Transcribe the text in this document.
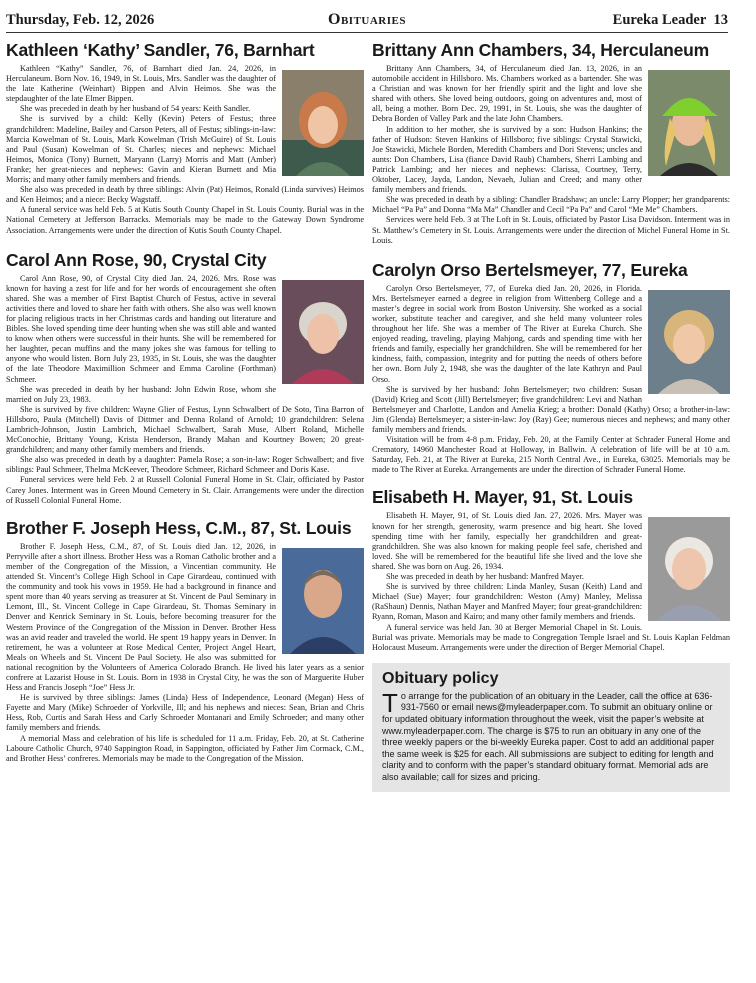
Thursday, Feb. 12, 2026	Obituaries	Eureka Leader 13
Kathleen ‘Kathy’ Sandler, 76, Barnhart

Kathleen “Kathy” Sandler, 76, of Barnhart died Jan. 24, 2026, in Herculaneum. Born Nov. 16, 1949, in St. Louis, Mrs. Sandler was the daughter of the late Katherine (Weinhart) Bippen and Alvin Heimos. She was the stepdaughter of the late Elmer Bippen.

She was preceded in death by her husband of 54 years: Keith Sandler.

She is survived by a child: Kelly (Kevin) Peters of Festus; three grandchildren: Madeline, Bailey and Carson Peters, all of Festus; siblings-in-law: Marcia Kowelman of St. Louis, Mark Kowelman (Trish McGuire) of St. Louis and Paul (Susan) Kowelman of St. Charles; nieces and nephews: Michael Heimos, Monica (Tony) Burnett, Maryann (Larry) Morris and Matt (Amber) Franke; her great-nieces and nephews: Gavin and Kieran Burnett and Mia Morris; and many other family members and friends.

She also was preceded in death by three siblings: Alvin (Pat) Heimos, Ronald (Linda survives) Heimos and Ken Heimos; and a niece: Becky Wagstaff.

A funeral service was held Feb. 5 at Kutis South County Chapel in St. Louis County. Burial was in the National Cemetery at Jefferson Barracks. Memorials may be made to the Gateway Down Syndrome Association. Arrangements were under the direction of Kutis South County Chapel.

Carol Ann Rose, 90, Crystal City

Carol Ann Rose, 90, of Crystal City died Jan. 24, 2026. Mrs. Rose was known for having a zest for life and for her words of encouragement she often shared. She was a member of First Baptist Church of Festus, active in several activities there and loved to share her faith with others. She also was well known for placing religious tracts in her Christmas cards and handing out literature and Bibles. She loved spending time deer hunting when she was still able and wanted to know when others were successful in their hunts. She will be remembered for her laughter, pecan muffins and the many jokes she was famous for telling to anyone who would listen. Born July 23, 1935, in St. Louis, she was the daughter of the late Theodore Maximillion Schmeer and Emma Caroline (Forthman) Schmeer.

She was preceded in death by her husband: John Edwin Rose, whom she married on July 23, 1983.

She is survived by five children: Wayne Glier of Festus, Lynn Schwalbert of De Soto, Tina Barron of Hillsboro, Paula (Mitchell) Davis of Dittmer and Denna Roland of Arnold; 10 grandchildren: Selena Lambrich-Johnson, Justin Lambrich, Michael Schwalbert, Sarah Muse, Albert Roland, Michelle McConochie, Brittany Young, Krista Henderson, Brandy Mahan and Kourtney Bowen; 20 great-grandchildren; and many other family members and friends.

She also was preceded in death by a daughter: Pamela Rose; a son-in-law: Roger Schwalbert; and five siblings: Paul Schmeer, Thelma McKeever, Theodore Schmeer, Richard Schmeer and Doris Kase.

Funeral services were held Feb. 2 at Russell Colonial Funeral Home in St. Clair, officiated by Pastor Carey Jones. Interment was in Green Mound Cemetery in St. Clair. Arrangements were under the direction of Russell Colonial Funeral Home.

Brother F. Joseph Hess, C.M., 87, St. Louis

Brother F. Joseph Hess, C.M., 87, of St. Louis died Jan. 12, 2026, in Perryville after a short illness. Brother Hess was a Roman Catholic brother and a member of the Congregation of the Mission, a Vincentian community. He attended St. Vincent’s College High School in Cape Girardeau, continued with the community and took his vows in 1959. He had a background in finance and spent more than 40 years serving as treasurer at St. Vincent de Paul Seminary in Lemont, Ill., St. Vincent College in Cape Girardeau, St. Thomas Seminary in Denver and Kenrick Seminary in St. Louis, before becoming treasurer for the Western Province of the Congregation of the Mission in Denver. Brother Hess was an avid reader and traveled the world. He spent 19 happy years in Denver. In retirement, he was a volunteer at Rose Medical Center, Project Angel Heart, Meals on Wheels and St. Vincent De Paul Society. He also was submitted for national recognition by the Volunteers of America Colorado Branch. He lived his later years as a senior confrere at Lazarist House in St. Louis. Born in 1938 in Crystal City, he was the son of Marguerite Huber Hess and Francis Joseph “Joe” Hess Jr.

He is survived by three siblings: James (Linda) Hess of Independence, Leonard (Megan) Hess of Fayette and Mary (Mike) Schroeder of Yorkville, Ill; and his nephews and nieces: Sean, Brian and Chris Hess, Rob, Curtis and Sarah Hess and Carly Schroeder Montanari and Emily Schroeder; and many other family members and friends.

A memorial Mass and celebration of his life is scheduled for 11 a.m. Friday, Feb. 20, at St. Catherine Laboure Catholic Church, 9740 Sappington Road, in Sappington, officiated by Father Jim Cormack, C.M., and Brother Hess’ confreres. Memorials may be made to the Congregation of the Mission.

Brittany Ann Chambers, 34, Herculaneum

Brittany Ann Chambers, 34, of Herculaneum died Jan. 13, 2026, in an automobile accident in Hillsboro. Ms. Chambers worked as a bartender. She was a Christian and was known for her friendly spirit and the light and love she shared with others. She loved being outdoors, going on adventures and, most of all, being a mother. Born Dec. 29, 1991, in St. Louis, she was the daughter of Debra Borden of Valley Park and the late John Chambers.

In addition to her mother, she is survived by a son: Hudson Hankins; the father of Hudson: Steven Hankins of Hillsboro; five siblings: Crystal Stawicki, Joe Stawicki, Michele Borden, Meredith Chambers and Dori Stevens; uncles and aunts: Don Chambers, Lisa (fiance David Raub) Chambers, Sherri Lambing and Patrick Lambing; and her nieces and nephews: Clarissa, Courtney, Terry, Oktober, Lacey, Jayda, Landon, Nevaeh, Julian and Creed; and many other family members and friends.

She was preceded in death by a sibling: Chandler Bradshaw; an uncle: Larry Plopper; her grandparents: Michael “Pa Pa” and Donna “Ma Ma” Chandler and Cecil “Pa Pa” and Carol “Me Me” Chambers.

Services were held Feb. 3 at The Loft in St. Louis, officiated by Pastor Lisa Davidson. Interment was in St. Matthew’s Cemetery in St. Louis. Arrangements were under the direction of Michel Funeral Home in St. Louis.

Carolyn Orso Bertelsmeyer, 77, Eureka

Carolyn Orso Bertelsmeyer, 77, of Eureka died Jan. 20, 2026, in Florida. Mrs. Bertelsmeyer earned a degree in religion from Wittenberg College and a master’s degree in social work from Boston University. She worked as a social worker, substitute teacher and caregiver, and she held many volunteer roles throughout her life. She was a member of The River at Eureka Church. She enjoyed reading, traveling, playing Mahjong, cards and spending time with her friends and family, especially her grandchildren. She will be remembered for her kindness, faith, compassion, integrity and for putting the needs of others before her own. Born July 2, 1948, she was the daughter of the late Kathryn and Paul Orso.

She is survived by her husband: John Bertelsmeyer; two children: Susan (David) Krieg and Scott (Jill) Bertelsmeyer; five grandchildren: Levi and Nathan Bertelsmeyer and Charlotte, Landon and Amelia Krieg; a brother: Donald (Kathy) Orso; a brother-in-law: Jim (Glenda) Bertelsmeyer; a sister-in-law: Joy (Ray) Gee; numerous nieces and nephews; and many other family members and friends.

Visitation will be from 4-8 p.m. Friday, Feb. 20, at the Family Center at Schrader Funeral Home and Crematory, 14960 Manchester Road at Holloway, in Ballwin. A celebration of life will be at 10 a.m. Saturday, Feb. 21, at The River at Eureka, 215 North Central Ave., in Eureka, 63025. Memorials may be made to The River at Eureka. Arrangements are under the direction of Schrader Funeral Home.

Elisabeth H. Mayer, 91, St. Louis

Elisabeth H. Mayer, 91, of St. Louis died Jan. 27, 2026. Mrs. Mayer was known for her strength, generosity, warm presence and big heart. She loved spending time with her family, especially her grandchildren and great-grandchildren. She was also known for making people feel safe, cherished and loved. She will be remembered for the beautiful life she lived and the love she shared. She was born on Aug. 26, 1934.

She was preceded in death by her husband: Manfred Mayer.

She is survived by three children: Linda Manley, Susan (Keith) Land and Michael (Sue) Mayer; four grandchildren: Weston (Amy) Manley, Melissa (RaShaun) Dennis, Nathan Mayer and Manfred Mayer; four great-grandchildren: Ryann, Roman, Mason and Kairo; and many other family members and friends.

A funeral service was held Jan. 30 at Berger Memorial Chapel in St. Louis. Burial was private. Memorials may be made to Congregation Temple Israel and St. Louis Kaplan Feldman Holocaust Museum. Arrangements were under the direction of Berger Memorial Chapel.

Obituary policy

To arrange for the publication of an obituary in the Leader, call the office at 636-931-7560 or email news@myleaderpaper.com. To submit an obituary online or for updated obituary information throughout the week, visit the paper’s website at www.myleaderpaper.com. The charge is $75 to run an obituary in any one of the three weekly papers or the bi-weekly Eureka paper. Cost to add an additional paper the same week is $25 for each. All submissions are subject to editing for length and clarity and to conform with the paper’s standard obituary format. Memorial ads are also available; call for sizes and pricing.
